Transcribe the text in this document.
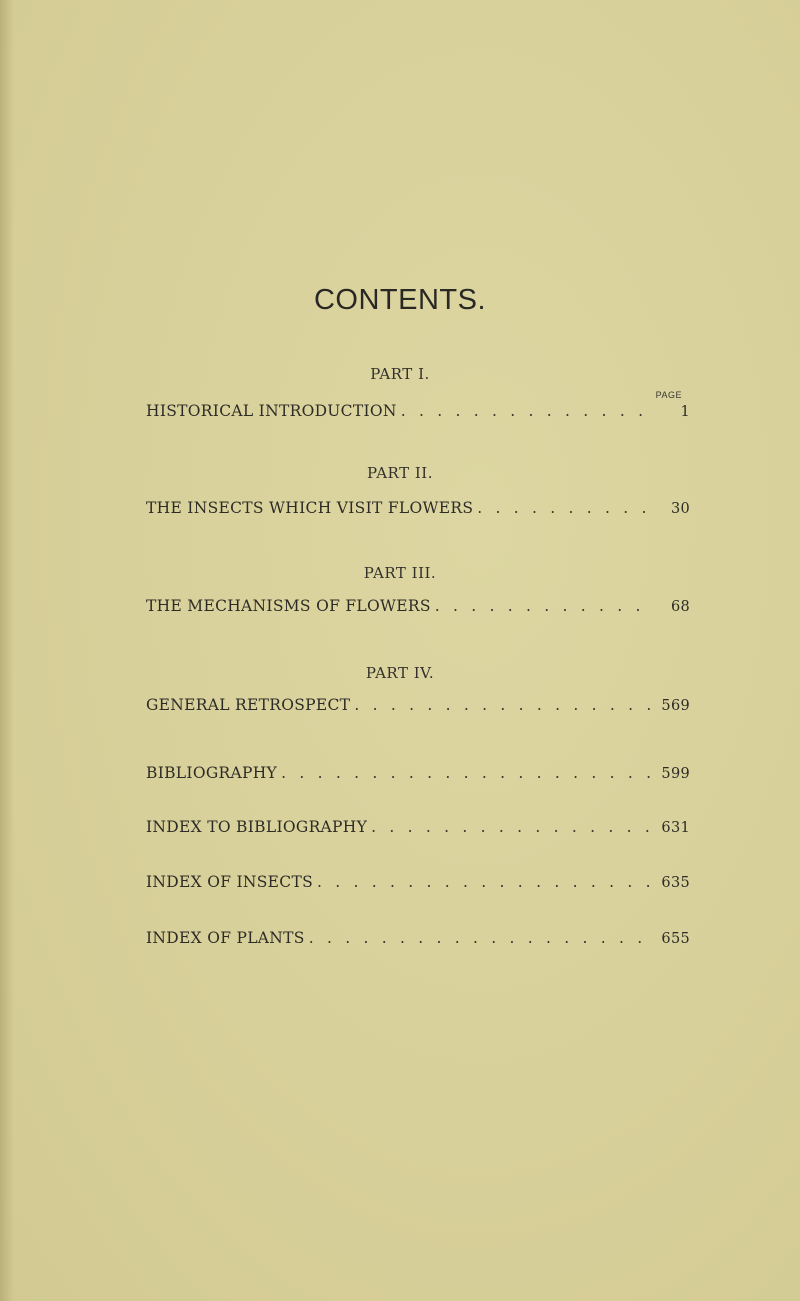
CONTENTS.
PART I.
PAGE
HISTORICAL INTRODUCTION . . .	1
PART II.
THE INSECTS WHICH VISIT FLOWERS . . .	30
PART III.
THE MECHANISMS OF FLOWERS . . .	68
PART IV.
GENERAL RETROSPECT . . .	569
BIBLIOGRAPHY . . .	599
INDEX TO BIBLIOGRAPHY . . .	631
INDEX OF INSECTS . . .	635
INDEX OF PLANTS . . .	655
